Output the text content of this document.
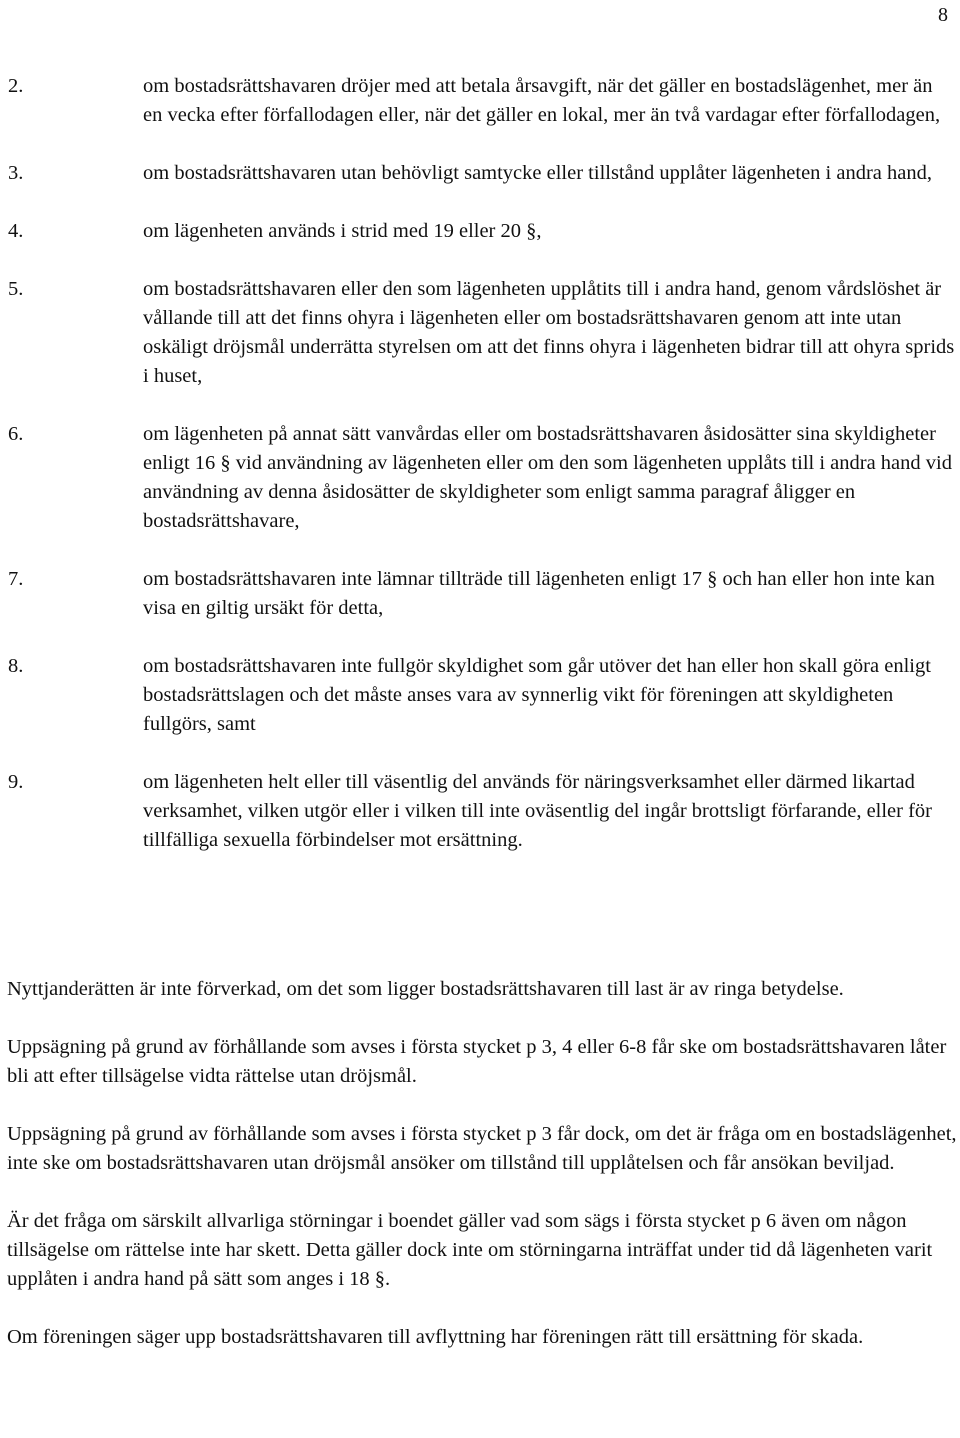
8
2.	om bostadsrättshavaren dröjer med att betala årsavgift, när det gäller en bostadslägenhet, mer än en vecka efter förfallodagen eller, när det gäller en lokal, mer än två vardagar efter förfallodagen,
3.	om bostadsrättshavaren utan behövligt samtycke eller tillstånd upplåter lägenheten i andra hand,
4.	om lägenheten används i strid med 19 eller 20 §,
5.	om bostadsrättshavaren eller den som lägenheten upplåtits till i andra hand, genom vårdslöshet är vållande till att det finns ohyra i lägenheten eller om bostadsrättshavaren genom att inte utan oskäligt dröjsmål underrätta styrelsen om att det finns ohyra i lägenheten bidrar till att ohyra sprids i huset,
6.	om lägenheten på annat sätt vanvårdas eller om bostadsrättshavaren åsidosätter sina skyldigheter enligt 16 § vid användning av lägenheten eller om den som lägenheten upplåts till i andra hand vid användning av denna åsidosätter de skyldigheter som enligt samma paragraf åligger en bostadsrättshavare,
7.	om bostadsrättshavaren inte lämnar tillträde till lägenheten enligt 17 § och han eller hon inte kan visa en giltig ursäkt för detta,
8.	om bostadsrättshavaren inte fullgör skyldighet som går utöver det han eller hon skall göra enligt bostadsrättslagen och det måste anses vara av synnerlig vikt för föreningen att skyldigheten fullgörs, samt
9.	om lägenheten helt eller till väsentlig del används för näringsverksamhet eller därmed likartad verksamhet, vilken utgör eller i vilken till inte oväsentlig del ingår brottsligt förfarande, eller för tillfälliga sexuella förbindelser mot ersättning.

Nyttjanderätten är inte förverkad, om det som ligger bostadsrättshavaren till last är av ringa betydelse.

Uppsägning på grund av förhållande som avses i första stycket p 3, 4 eller 6-8 får ske om bostadsrättshavaren låter bli att efter tillsägelse vidta rättelse utan dröjsmål.

Uppsägning på grund av förhållande som avses i första stycket p 3 får dock, om det är fråga om en bostadslägenhet, inte ske om bostadsrättshavaren utan dröjsmål ansöker om tillstånd till upplåtelsen och får ansökan beviljad.

Är det fråga om särskilt allvarliga störningar i boendet gäller vad som sägs i första stycket p 6 även om någon tillsägelse om rättelse inte har skett. Detta gäller dock inte om störningarna inträffat under tid då lägenheten varit upplåten i andra hand på sätt som anges i 18 §.

Om föreningen säger upp bostadsrättshavaren till avflyttning har föreningen rätt till ersättning för skada.
